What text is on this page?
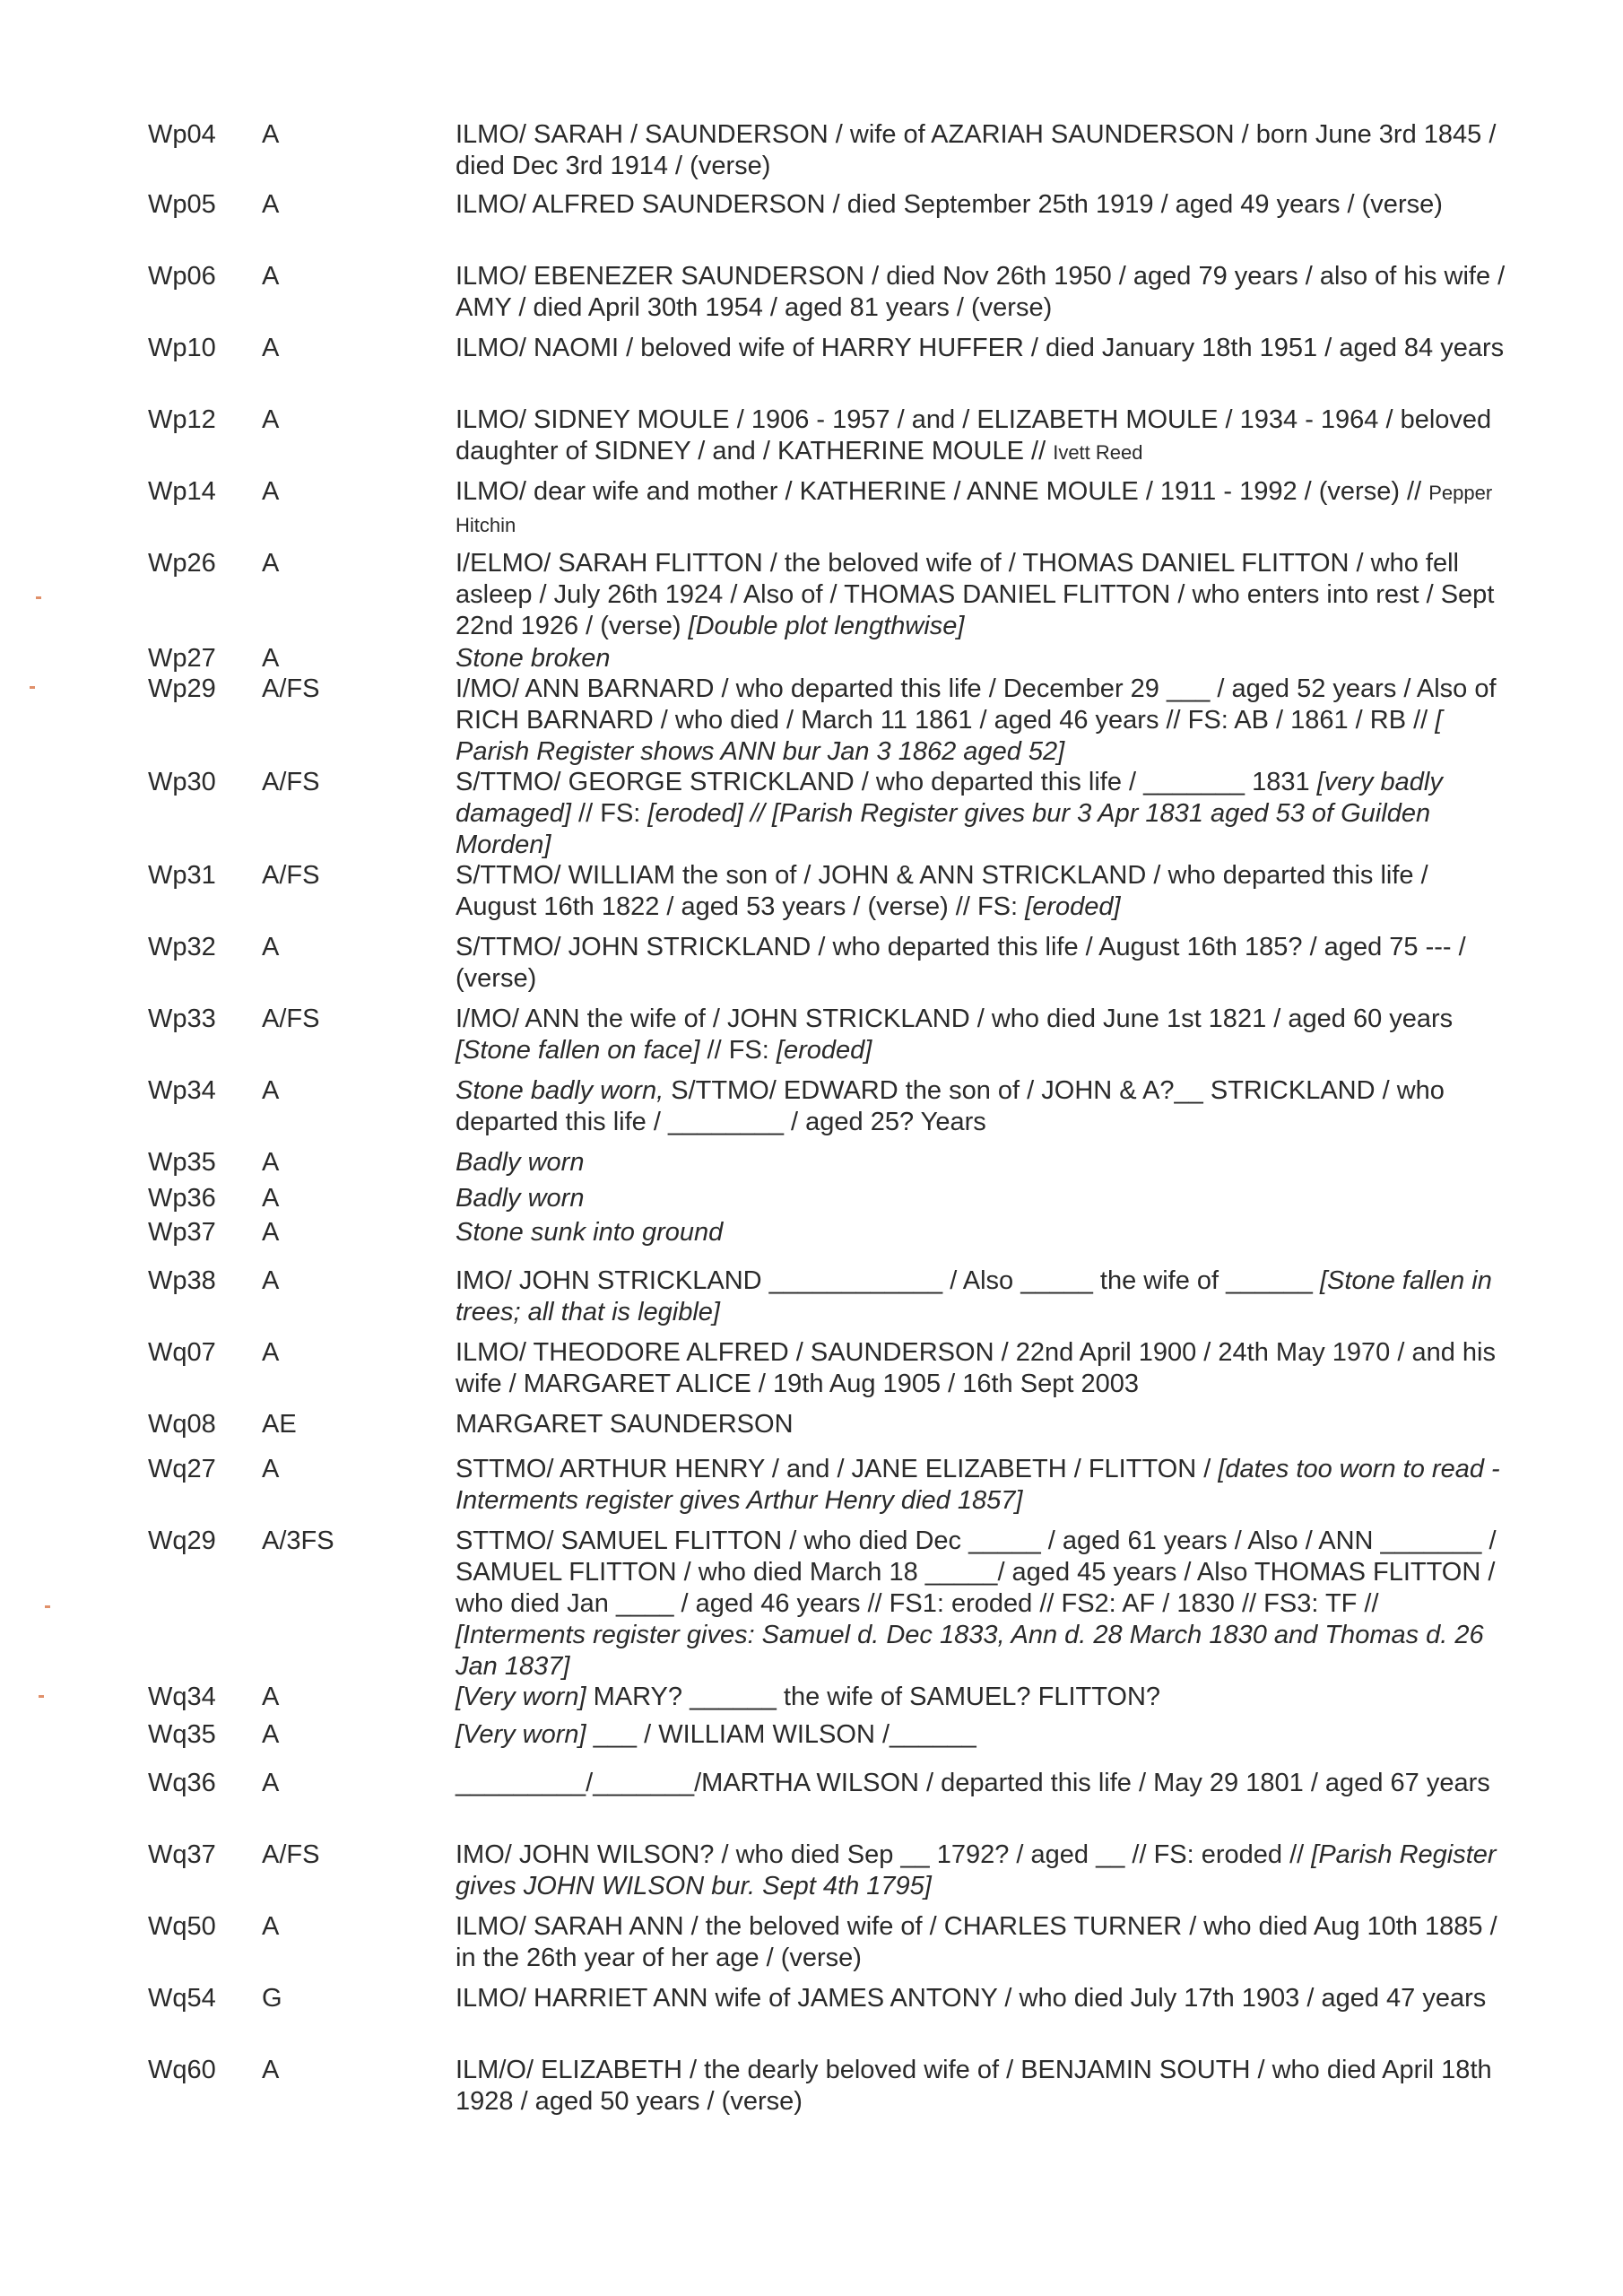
Wp04	A	ILMO/ SARAH / SAUNDERSON / wife of AZARIAH SAUNDERSON / born June 3rd 1845 / died Dec 3rd 1914 / (verse)
Wp05	A	ILMO/ ALFRED SAUNDERSON / died September 25th 1919 / aged 49 years / (verse)
Wp06	A	ILMO/ EBENEZER SAUNDERSON / died Nov 26th 1950 / aged 79 years / also of his wife / AMY / died April 30th 1954 / aged 81 years / (verse)
Wp10	A	ILMO/ NAOMI / beloved wife of HARRY HUFFER / died January 18th 1951 / aged 84 years
Wp12	A	ILMO/ SIDNEY MOULE / 1906 - 1957 / and / ELIZABETH MOULE / 1934 - 1964 / beloved daughter of SIDNEY / and / KATHERINE MOULE // Ivett Reed
Wp14	A	ILMO/ dear wife and mother / KATHERINE / ANNE MOULE / 1911 - 1992 / (verse) // Pepper Hitchin
Wp26	A	I/ELMO/ SARAH FLITTON / the beloved wife of / THOMAS DANIEL FLITTON / who fell asleep / July 26th 1924 / Also of / THOMAS DANIEL FLITTON / who enters into rest / Sept 22nd 1926 / (verse) [Double plot lengthwise]
Wp27	A	Stone broken
Wp29	A/FS	I/MO/ ANN BARNARD / who departed this life / December 29 ___ / aged 52 years / Also of RICH BARNARD / who died / March 11 1861 / aged 46 years // FS: AB / 1861 / RB // [ Parish Register shows ANN bur Jan 3 1862 aged 52]
Wp30	A/FS	S/TTMO/ GEORGE STRICKLAND / who departed this life / _______ 1831 [very badly damaged] // FS: [eroded] // [Parish Register gives bur 3 Apr 1831 aged 53 of Guilden Morden]
Wp31	A/FS	S/TTMO/ WILLIAM the son of / JOHN & ANN STRICKLAND / who departed this life / August 16th 1822 / aged 53 years / (verse) // FS: [eroded]
Wp32	A	S/TTMO/ JOHN STRICKLAND / who departed this life / August 16th 185? / aged 75 --- / (verse)
Wp33	A/FS	I/MO/ ANN the wife of / JOHN STRICKLAND / who died June 1st 1821 / aged 60 years [Stone fallen on face] // FS: [eroded]
Wp34	A	Stone badly worn, S/TTMO/ EDWARD the son of / JOHN & A?__ STRICKLAND / who departed this life / ________ / aged 25? Years
Wp35	A	Badly worn
Wp36	A	Badly worn
Wp37	A	Stone sunk into ground
Wp38	A	IMO/ JOHN STRICKLAND ____________ / Also _____ the wife of ______ [Stone fallen in trees; all that is legible]
Wq07	A	ILMO/ THEODORE ALFRED / SAUNDERSON / 22nd April 1900 / 24th May 1970 / and his wife / MARGARET ALICE / 19th Aug 1905 / 16th Sept 2003
Wq08	AE	MARGARET SAUNDERSON
Wq27	A	STTMO/ ARTHUR HENRY / and / JANE ELIZABETH / FLITTON / [dates too worn to read - Interments register gives Arthur Henry died 1857]
Wq29	A/3FS	STTMO/ SAMUEL FLITTON / who died Dec _____ / aged 61 years / Also / ANN _______ / SAMUEL FLITTON / who died March 18 _____/ aged 45 years / Also THOMAS FLITTON / who died Jan ____ / aged 46 years // FS1: eroded // FS2: AF / 1830 // FS3: TF // [Interments register gives: Samuel d. Dec 1833, Ann d. 28 March 1830 and Thomas d. 26 Jan 1837]
Wq34	A	[Very worn] MARY? ______ the wife of SAMUEL? FLITTON?
Wq35	A	[Very worn] ___ / WILLIAM WILSON /______
Wq36	A	_________/_______/MARTHA WILSON / departed this life / May 29 1801 / aged 67 years
Wq37	A/FS	IMO/ JOHN WILSON? / who died Sep __ 1792? / aged __ // FS: eroded // [Parish Register gives JOHN WILSON bur. Sept 4th 1795]
Wq50	A	ILMO/ SARAH ANN / the beloved wife of / CHARLES TURNER / who died Aug 10th 1885 / in the 26th year of her age / (verse)
Wq54	G	ILMO/ HARRIET ANN wife of JAMES ANTONY / who died July 17th 1903 / aged 47 years
Wq60	A	ILM/O/ ELIZABETH / the dearly beloved wife of / BENJAMIN SOUTH / who died April 18th 1928 / aged 50 years / (verse)
